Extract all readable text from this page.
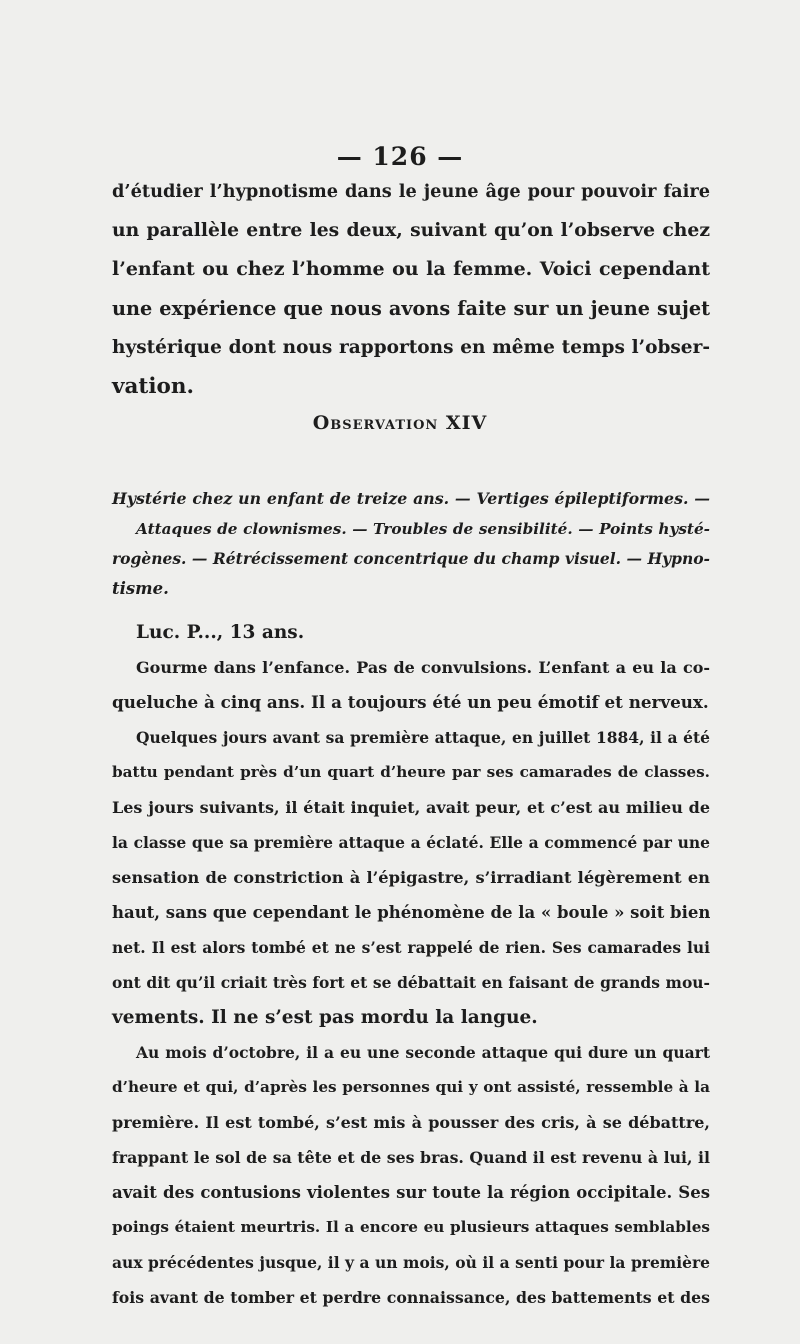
— 126 —
d’étudier l’hypnotisme dans le jeune âge pour pouvoir faire
un parallèle entre les deux, suivant qu’on l’observe chez
l’enfant ou chez l’homme ou la femme. Voici cependant
une expérience que nous avons faite sur un jeune sujet
hystérique dont nous rapportons en même temps l’obser-
vation.
Observation XIV
Hystérie chez un enfant de treize ans. — Vertiges épileptiformes. —
Attaques de clownismes. — Troubles de sensibilité. — Points hysté-
rogènes. — Rétrécissement concentrique du champ visuel. — Hypno-
tisme.
Luc. P..., 13 ans.
Gourme dans l’enfance. Pas de convulsions. L’enfant a eu la co-
queluche à cinq ans. Il a toujours été un peu émotif et nerveux.
Quelques jours avant sa première attaque, en juillet 1884, il a été
battu pendant près d’un quart d’heure par ses camarades de classes.
Les jours suivants, il était inquiet, avait peur, et c’est au milieu de
la classe que sa première attaque a éclaté. Elle a commencé par une
sensation de constriction à l’épigastre, s’irradiant légèrement en
haut, sans que cependant le phénomène de la « boule » soit bien
net. Il est alors tombé et ne s’est rappelé de rien. Ses camarades lui
ont dit qu’il criait très fort et se débattait en faisant de grands mou-
vements. Il ne s’est pas mordu la langue.
Au mois d’octobre, il a eu une seconde attaque qui dure un quart
d’heure et qui, d’après les personnes qui y ont assisté, ressemble à la
première. Il est tombé, s’est mis à pousser des cris, à se débattre,
frappant le sol de sa tête et de ses bras. Quand il est revenu à lui, il
avait des contusions violentes sur toute la région occipitale. Ses
poings étaient meurtris. Il a encore eu plusieurs attaques semblables
aux précédentes jusque, il y a un mois, où il a senti pour la première
fois avant de tomber et perdre connaissance, des battements et des
